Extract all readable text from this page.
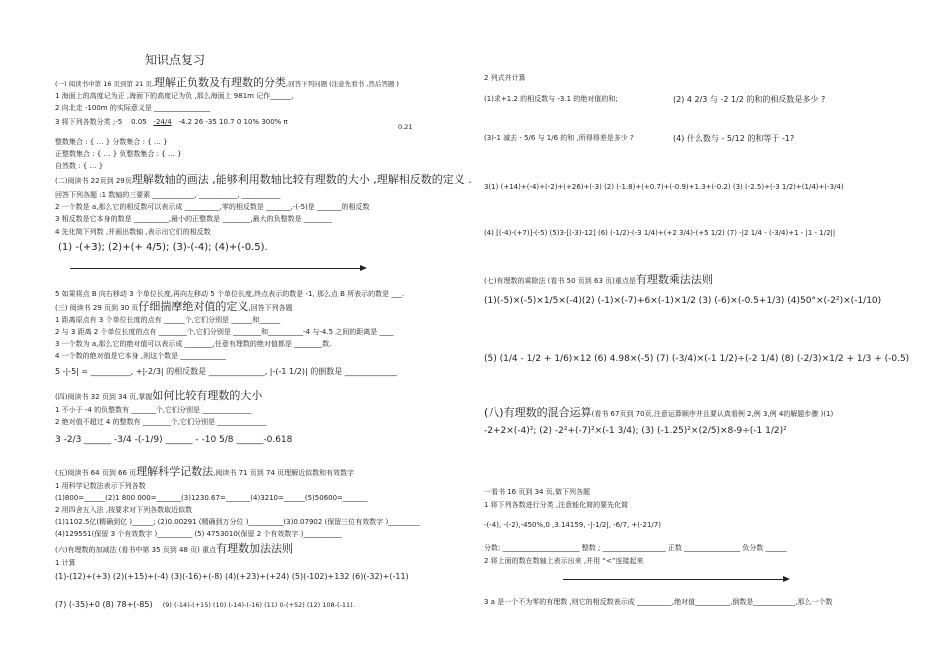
知识点复习
(一) 阅读书中第 16 页到第 21 页,理解正负数及有理数的分类,回答下列问题 (注意先看书 ,然后答题 )
1 海面上的高度记为正 ,海面下的高度记为负 ,那么海面上 981m 记作______,
2 向北走 -100m 的实际意义是 ________________
3 将下列各数分类 ;-5 0.05 -24/4 -4.2 26 -35 10.7 0 10% 300% π
0.21̇
整数集合 : { … } 分数集合 : { … }
正整数集合 : { … } 负整数集合 : { … }
自然数 : { … }
(二)阅读书 22页到 29页理解数轴的画法 ,能够利用数轴比较有理数的大小 ,理解相反数的定义 .
回答下列各题 :1 数轴的三要素 ____________, ___________, ___________
2 一个数是 a,那么它的相反数可以表示成 __________,零的相反数是 _______,-(-5)是 _______的相反数
3 相反数是它本身的数是 __________,最小的正整数是 ________,最大的负整数是 ________
4 先化简下列数 ,并画出数轴 ,表示出它们的相反数
(1) -(+3); (2)+(+ 4/5); (3)-(-4); (4)+(-0.5).
5 如果将点 B 向右移动 3 个单位长度,再向左移动 5 个单位长度,终点表示的数是 -1, 那么点 B 所表示的数是 ___.
(三) 阅读书 29 页到 30 页仔细揣摩绝对值的定义,回答下列各题
1 距离原点有 3 个单位长度的点有 ______个,它们分别是 ______和______
2 与 3 距离 2 个单位长度的点有 ________个,它们分别是 ________和__________-4 与-4.5 之间的距离是 ____
3 一个数为 a,那么它的绝对值可以表示成 ________,任意有理数的绝对值都是 ________数.
4 一个数的绝对值是它本身 ,则这个数是 _____________
5 -|-5| = __________, +|-2/3| 的相反数是 ______________, |-(-1 1/2)| 的倒数是 _____________
(四)阅读书 32 页到 34 页,掌握如何比较有理数的大小
1 不小于 -4 的负整数有 _______个,它们分别是 ______________
2 绝对值不超过 4 的整数有 ________个,它们分别是 ______________
3 -2/3 ______ -3/4 -(-1/9) ______ - -10 5/8 ______-0.618
(五)阅读书 64 页到 66 页理解科学记数法,阅读书 71 页到 74 页理解近似数和有效数字
1 用科学记数法表示下列各数
(1)800=______(2)1 800 000=_______(3)1230.67=_______(4)3210=______(5)50600=_______
2 用四舍五入法 ,按要求对下列各数取近似数
(1)1102.5亿(精确到亿 )______; (2)0.00291 (精确到万分位 )__________(3)0.07902 (保留三位有效数字 )_________
(4)129551(保留 3 个有效数字 )__________ (5) 4753010(保留 2 个有效数字 )___________
(六)有理数的加减法 (看书中第 35 页到 48 页) 重点有理数加法法则
1 计算
(1)-(12)+(+3) (2)(+15)+(-4) (3)(-16)+(-8) (4)(+23)+(+24) (5)(-102)+132 (6)(-32)+(-11)
(7) (-35)+0 (8) 78+(-85) (9) (-14)-(+15) (10) (-14)-(-16) (11) 0-(+52) (12) 108-(-11).
2 列式并计算
(1)求+1.2 的相反数与 -3.1 的绝对值的和;	(2) 4 2/3 与 -2 1/2 的和的相反数是多少 ?
(3)-1 减去 - 5/6 与 1/6 的和 ,所得得差是多少 ?	(4) 什么数与 - 5/12 的和等于 -1?
3(1) (+14)+(-4)+(-2)+(+26)+(-3) (2) (-1.8)+(+0.7)+(-0.9)+1.3+(-0.2) (3) (-2.5)+(-3 1/2)+(1/4)+(-3/4)
(4) [(-4)-(+7)]-(-5) (5)3-[(-3)-12] (6) (-1/2)-(-3 1/4)+(+2 3/4)-(+5 1/2) (7) -|2 1/4 - (-3/4)+1 - |1 - 1/2||
(七)有理数的乘除法 (看书 50 页到 63 页)重点是有理数乘法法则
(1)(-5)×(-5)×1/5×(-4)(2) (-1)×(-7)+6×(-1)×1/2 (3) (-6)×(-0.5+1/3) (4)50°×(-2²)×(-1/10)
(5) (1/4 - 1/2 + 1/6)×12 (6) 4.98×(-5) (7) (-3/4)×(-1 1/2)÷(-2 1/4) (8) (-2/3)×1/2 + 1/3 + (-0.5)
(八)有理数的混合运算(看书 67页到 70页,注意运算顺序并且要认真看例 2,例 3,例 4的解题步骤 )(1)
-2+2×(-4)²; (2) -2²+(-7)²×(-1 3/4); (3) (-1.25)²×(2/5)×8-9÷(-1 1/2)²
一看书 16 页到 34 页,做下列各题
1 将下列各数进行分类 ,注意能化简的要先化简
-(-4), -(-2),-450%,0 ,3.14159, -|-1/2|, -6/7, +(-21/7)
分数: ______________________ 整数 ; __________________ 正数 ________________ 负分数 ______
2 将上面的数在数轴上表示出来 ,并用 “<”连接起来
3 a 是一个不为零的有理数 ,则它的相反数表示成 __________,绝对值__________,倒数是____________,那么一个数
